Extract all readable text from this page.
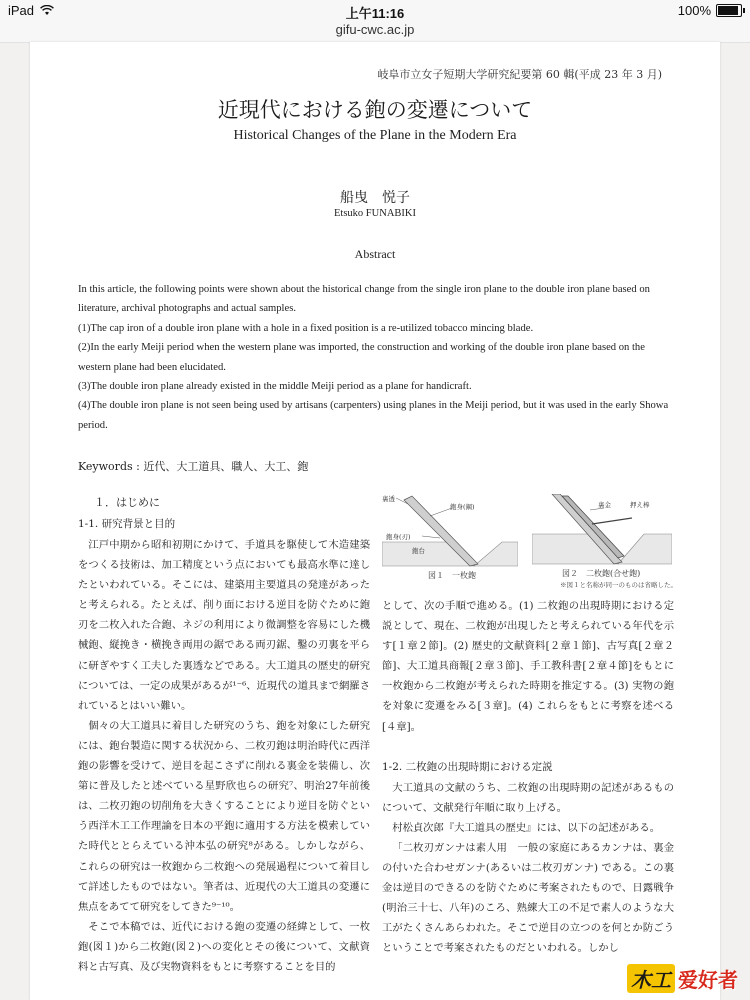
iPad	上午11:16	100%
gifu-cwc.ac.jp
岐阜市立女子短期大学研究紀要第 60 輯(平成 23 年 3 月)
近現代における鉋の変遷について
Historical Changes of the Plane in the Modern Era
船曳　悦子
Etsuko FUNABIKI
Abstract

In this article, the following points were shown about the historical change from the single iron plane to the double iron plane based on literature, archival photographs and actual samples.

(1)The cap iron of a double iron plane with a hole in a fixed position is a re-utilized tobacco mincing blade.

(2)In the early Meiji period when the western plane was imported, the construction and working of the double iron plane based on the western plane had been elucidated.

(3)The double iron plane already existed in the middle Meiji period as a plane for handicraft.

(4)The double iron plane is not seen being used by artisans (carpenters) using planes in the Meiji period, but it was used in the early Showa period.

Keywords : 近代、大工道具、職人、大工、鉋
１．はじめに
1-1. 研究背景と目的

江戸中期から昭和初期にかけて、手道具を駆使して木造建築をつくる技術は、加工精度という点においても最高水準に達したといわれている。そこには、建築用主要道具の発達があったと考えられる。たとえば、削り面における逆目を防ぐために鉋刃を二枚入れた合鉋、ネジの利用により微調整を容易にした機械鉋、縦挽き・横挽き両用の鋸である両刃鋸、鑿の刃裏を平らに研ぎやすく工夫した裏透などである。大工道具の歴史的研究については、一定の成果があるが¹⁻⁶、近現代の道具まで網羅されているとはいい難い。

個々の大工道具に着目した研究のうち、鉋を対象にした研究には、鉋台製造に関する状況から、二枚刃鉋は明治時代に西洋鉋の影響を受けて、逆目を起こさずに削れる裏金を装備し、次第に普及したと述べている星野欣也らの研究⁷、明治27年前後は、二枚刃鉋の切削角を大きくすることにより逆目を防ぐという西洋木工工作理論を日本の平鉋に適用する方法を模索していた時代ととらえている沖本弘の研究⁸がある。しかしながら、これらの研究は一枚鉋から二枚鉋への発展過程について着目して詳述したものではない。筆者は、近現代の大工道具の変遷に焦点をあてて研究をしてきた⁹⁻¹⁰。

そこで本稿では、近代における鉋の変遷の経緯として、一枚鉋(図１)から二枚鉋(図２)への変化とその後について、文献資料と古写真、及び実物資料をもとに考察することを目的

裏透
鉋身(鋼)
鉋身(刃)
鉋台
図１　一枚鉋
裏金	押え棒
図２　二枚鉋(合せ鉋)
※図１と名称が同一のものは省略した。

として、次の手順で進める。(1) 二枚鉋の出現時期における定説として、現在、二枚鉋が出現したと考えられている年代を示す[１章２節]。(2) 歴史的文献資料[２章１節]、古写真[２章２節]、大工道具商報[２章３節]、手工教科書[２章４節]をもとに一枚鉋から二枚鉋が考えられた時期を推定する。(3) 実物の鉋を対象に変遷をみる[３章]。(4) これらをもとに考察を述べる[４章]。

1-2. 二枚鉋の出現時期における定説

大工道具の文献のうち、二枚鉋の出現時期の記述があるものについて、文献発行年順に取り上げる。

村松貞次郎『大工道具の歴史』には、以下の記述がある。

「二枚刃ガンナは素人用　一般の家庭にあるカンナは、裏金の付いた合わせガンナ(あるいは二枚刃ガンナ) である。この裏金は逆目のできるのを防ぐために考案されたもので、日露戦争(明治三十七、八年)のころ、熟練大工の不足で素人のような大工がたくさんあらわれた。そこで逆目の立つのを何とか防ごうということで考案されたものだといわれる。しかし

木工 爱好者
